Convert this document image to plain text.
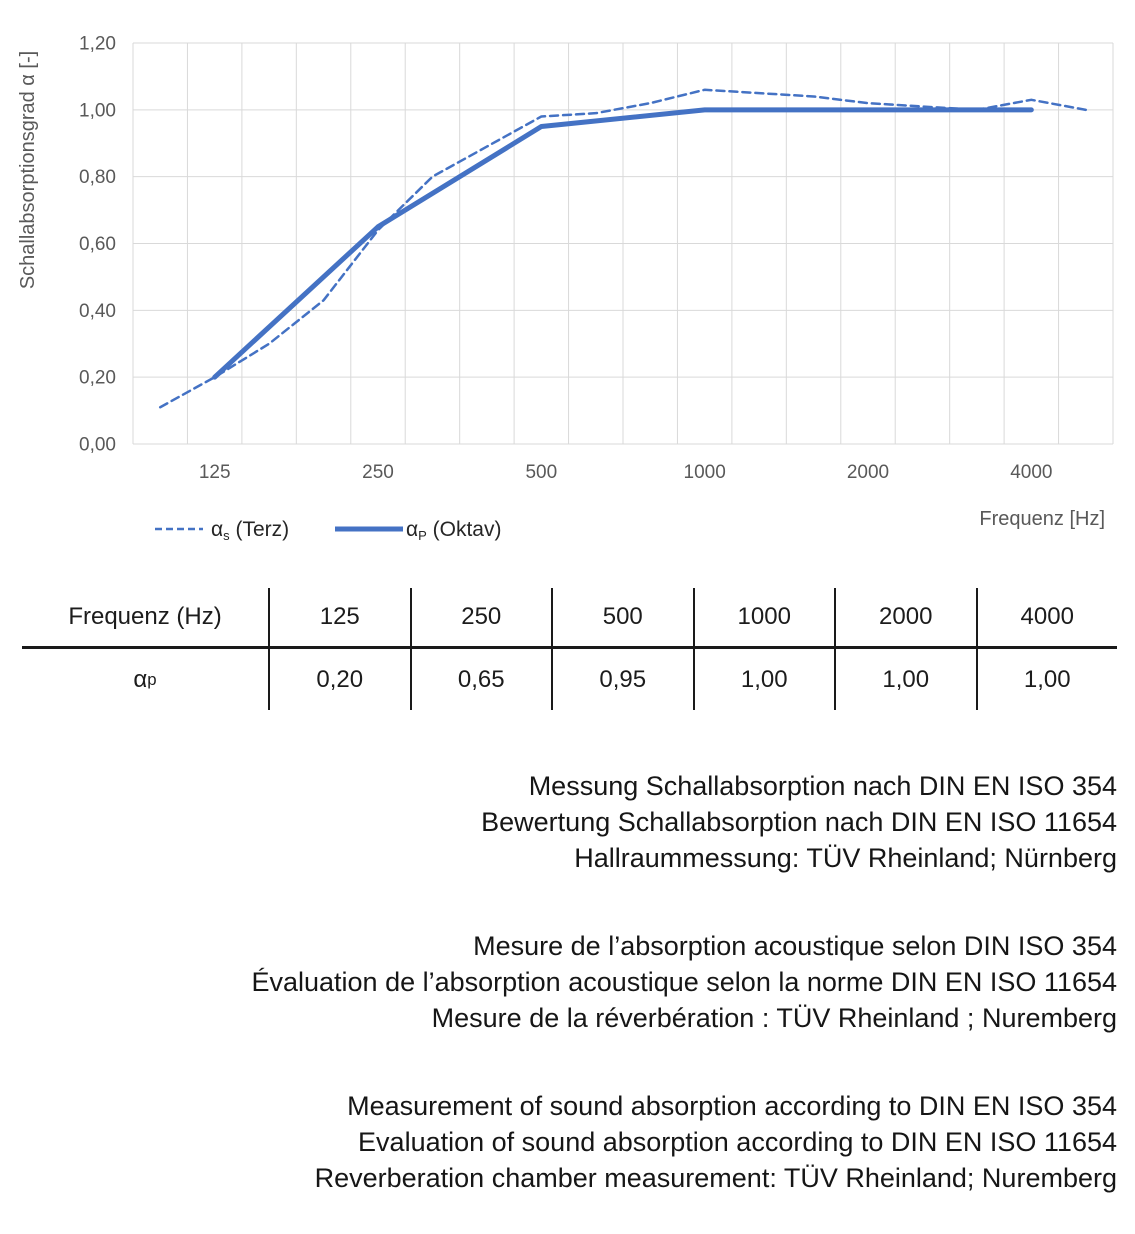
0,00
0,20
0,40
0,60
0,80
1,00
1,20
125	250	500	1000	2000	4000
Schallabsorptionsgrad α [-]
Frequenz [Hz]
αs (Terz)	αP (Oktav)
Frequenz (Hz)	125	250	500	1000	2000	4000
α p	0,20	0,65	0,95	1,00	1,00	1,00
Messung Schallabsorption nach DIN EN ISO 354
Bewertung Schallabsorption nach DIN EN ISO 11654
Hallraummessung: TÜV Rheinland; Nürnberg
Mesure de l’absorption acoustique selon DIN ISO 354
Évaluation de l’absorption acoustique selon la norme DIN EN ISO 11654
Mesure de la réverbération : TÜV Rheinland ; Nuremberg
Measurement of sound absorption according to DIN EN ISO 354
Evaluation of sound absorption according to DIN EN ISO 11654
Reverberation chamber measurement: TÜV Rheinland; Nuremberg
